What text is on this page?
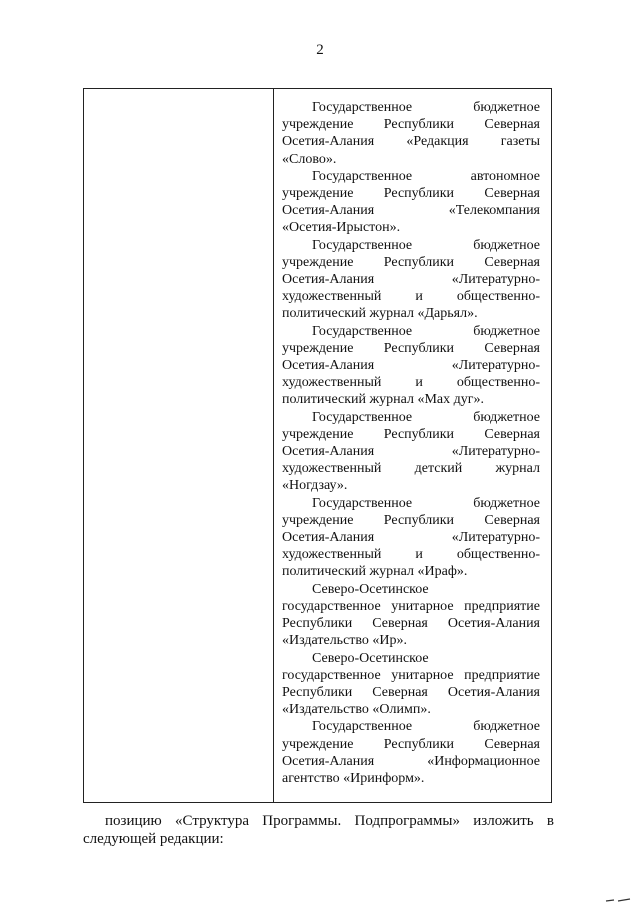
2
Государственное бюджетное
учреждение Республики Северная
Осетия-Алания «Редакция газеты
«Слово».
Государственное автономное
учреждение Республики Северная
Осетия-Алания «Телекомпания
«Осетия-Ирыстон».
Государственное бюджетное
учреждение Республики Северная
Осетия-Алания «Литературно-
художественный и общественно-
политический журнал «Дарьял».
Государственное бюджетное
учреждение Республики Северная
Осетия-Алания «Литературно-
художественный и общественно-
политический журнал «Мах дуг».
Государственное бюджетное
учреждение Республики Северная
Осетия-Алания «Литературно-
художественный детский журнал
«Ногдзау».
Государственное бюджетное
учреждение Республики Северная
Осетия-Алания «Литературно-
художественный и общественно-
политический журнал «Ираф».
Северо-Осетинское
государственное унитарное предприятие
Республики Северная Осетия-Алания
«Издательство «Ир».
Северо-Осетинское
государственное унитарное предприятие
Республики Северная Осетия-Алания
«Издательство «Олимп».
Государственное бюджетное
учреждение Республики Северная
Осетия-Алания «Информационное
агентство «Иринформ».
позицию «Структура Программы. Подпрограммы» изложить в
следующей редакции:
